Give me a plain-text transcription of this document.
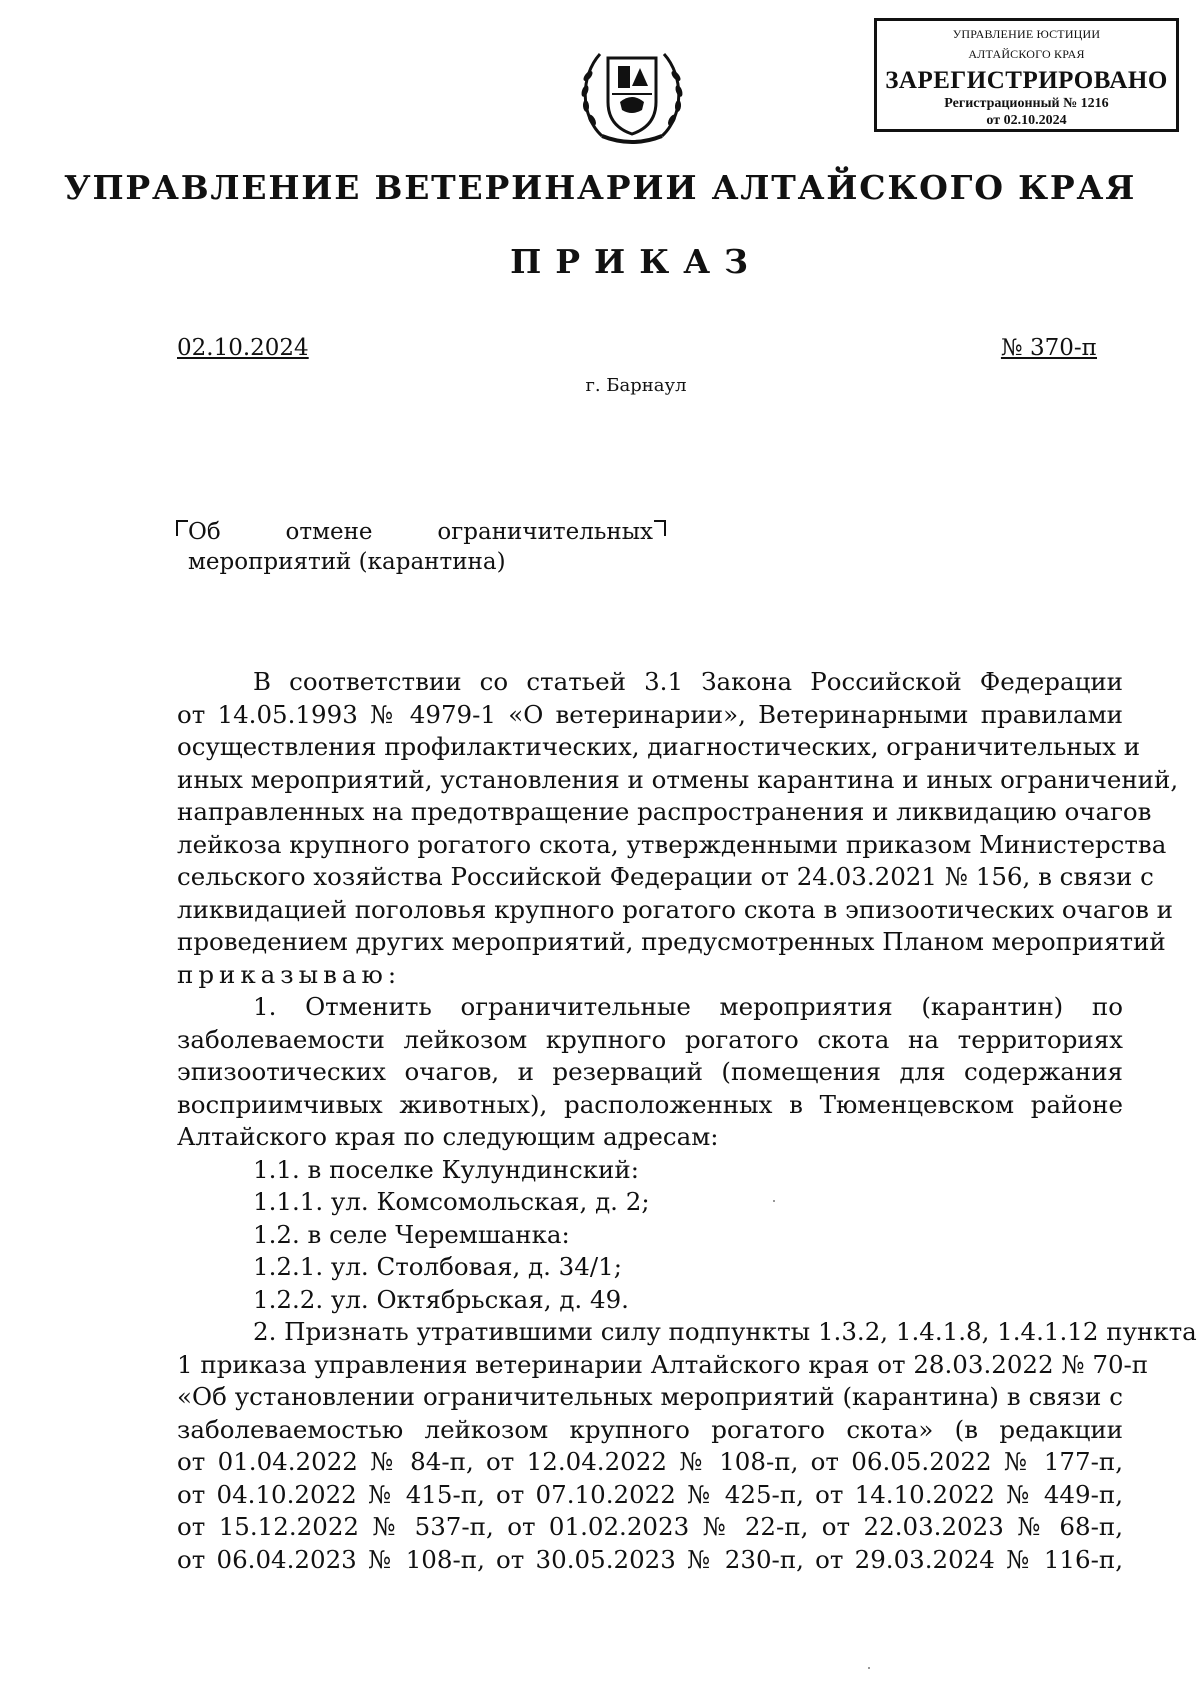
УПРАВЛЕНИЕ ЮСТИЦИИ
АЛТАЙСКОГО КРАЯ
ЗАРЕГИСТРИРОВАНО
Регистрационный № 1216
от 02.10.2024
УПРАВЛЕНИЕ ВЕТЕРИНАРИИ АЛТАЙСКОГО КРАЯ
ПРИКАЗ
02.10.2024	№ 370-п
г. Барнаул
Об	отмене	ограничительных
мероприятий (карантина)
В соответствии со статьей 3.1 Закона Российской Федерации
от 14.05.1993 № 4979-1 «О ветеринарии», Ветеринарными правилами
осуществления профилактических, диагностических, ограничительных и
иных мероприятий, установления и отмены карантина и иных ограничений,
направленных на предотвращение распространения и ликвидацию очагов
лейкоза крупного рогатого скота, утвержденными приказом Министерства
сельского хозяйства Российской Федерации от 24.03.2021 № 156, в связи с
ликвидацией поголовья крупного рогатого скота в эпизоотических очагов и
проведением других мероприятий, предусмотренных Планом мероприятий
приказываю:
1. Отменить ограничительные мероприятия (карантин) по
заболеваемости лейкозом крупного рогатого скота на территориях
эпизоотических очагов, и резерваций (помещения для содержания
восприимчивых животных), расположенных в Тюменцевском районе
Алтайского края по следующим адресам:
1.1. в поселке Кулундинский:
1.1.1. ул. Комсомольская, д. 2;
1.2. в селе Черемшанка:
1.2.1. ул. Столбовая, д. 34/1;
1.2.2. ул. Октябрьская, д. 49.
2. Признать утратившими силу подпункты 1.3.2, 1.4.1.8, 1.4.1.12 пункта
1 приказа управления ветеринарии Алтайского края от 28.03.2022 № 70-п
«Об установлении ограничительных мероприятий (карантина) в связи с
заболеваемостью лейкозом крупного рогатого скота» (в редакции
от 01.04.2022 № 84-п, от 12.04.2022 № 108-п, от 06.05.2022 № 177-п,
от 04.10.2022 № 415-п, от 07.10.2022 № 425-п, от 14.10.2022 № 449-п,
от 15.12.2022 № 537-п, от 01.02.2023 № 22-п, от 22.03.2023 № 68-п,
от 06.04.2023 № 108-п, от 30.05.2023 № 230-п, от 29.03.2024 № 116-п,
